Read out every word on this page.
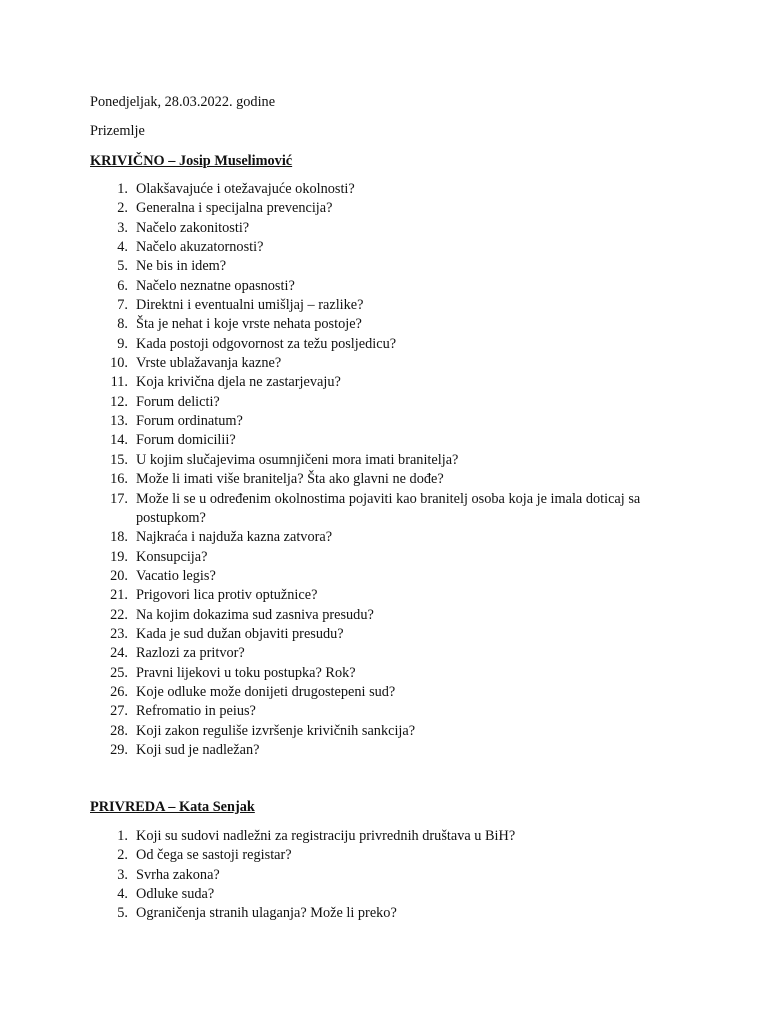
Ponedjeljak, 28.03.2022. godine
Prizemlje
KRIVIČNO – Josip Muselimović
1. Olakšavajuće i otežavajuće okolnosti?
2. Generalna i specijalna prevencija?
3. Načelo zakonitosti?
4. Načelo akuzatornosti?
5. Ne bis in idem?
6. Načelo neznatne opasnosti?
7. Direktni i eventualni umišljaj – razlike?
8. Šta je nehat i koje vrste nehata postoje?
9. Kada postoji odgovornost za težu posljedicu?
10. Vrste ublažavanja kazne?
11. Koja krivična djela ne zastarjevaju?
12. Forum delicti?
13. Forum ordinatum?
14. Forum domicilii?
15. U kojim slučajevima osumnjičeni mora imati branitelja?
16. Može li imati više branitelja? Šta ako glavni ne dođe?
17. Može li se u određenim okolnostima pojaviti kao branitelj osoba koja je imala doticaj sa postupkom?
18. Najkraća i najduža kazna zatvora?
19. Konsupcija?
20. Vacatio legis?
21. Prigovori lica protiv optužnice?
22. Na kojim dokazima sud zasniva presudu?
23. Kada je sud dužan objaviti presudu?
24. Razlozi za pritvor?
25. Pravni lijekovi u toku postupka? Rok?
26. Koje odluke može donijeti drugostepeni sud?
27. Refromatio in peius?
28. Koji zakon reguliše izvršenje krivičnih sankcija?
29. Koji sud je nadležan?
PRIVREDA – Kata Senjak
1. Koji su sudovi nadležni za registraciju privrednih društava u BiH?
2. Od čega se sastoji registar?
3. Svrha zakona?
4. Odluke suda?
5. Ograničenja stranih ulaganja? Može li preko?
